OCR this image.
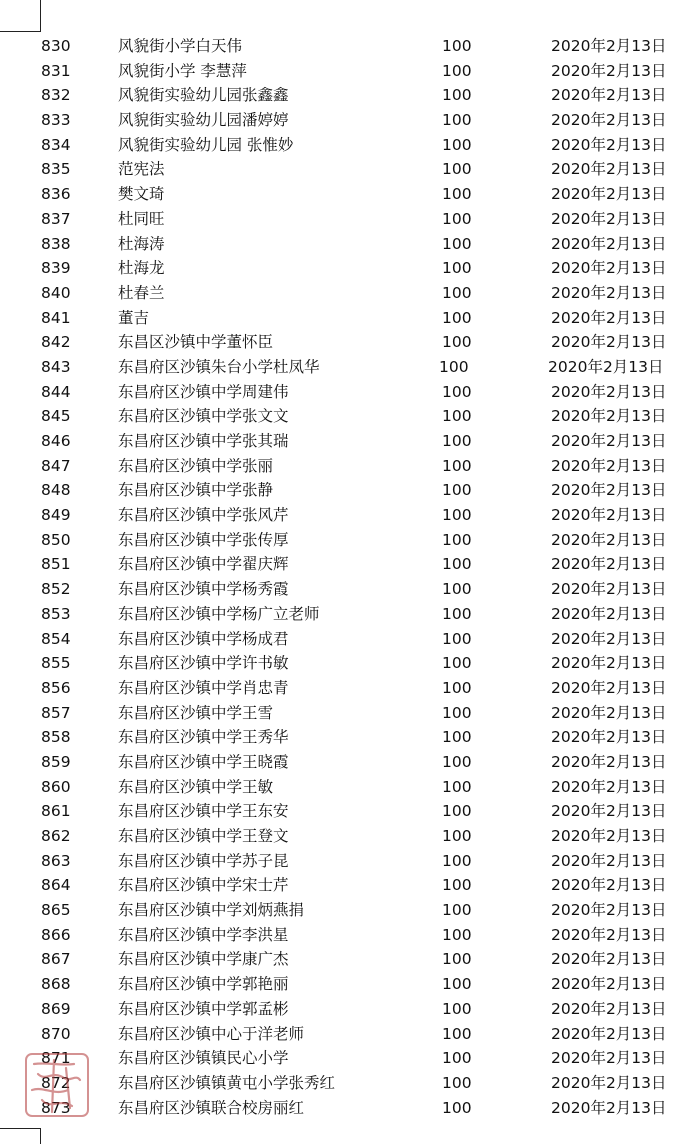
830	风貌街小学白天伟	100	2020年2月13日
831	风貌街小学 李慧萍	100	2020年2月13日
832	风貌街实验幼儿园张鑫鑫	100	2020年2月13日
833	风貌街实验幼儿园潘婷婷	100	2020年2月13日
834	风貌街实验幼儿园 张惟妙	100	2020年2月13日
835	范宪法	100	2020年2月13日
836	樊文琦	100	2020年2月13日
837	杜同旺	100	2020年2月13日
838	杜海涛	100	2020年2月13日
839	杜海龙	100	2020年2月13日
840	杜春兰	100	2020年2月13日
841	董吉	100	2020年2月13日
842	东昌区沙镇中学董怀臣	100	2020年2月13日
843	东昌府区沙镇朱台小学杜凤华	100	2020年2月13日
844	东昌府区沙镇中学周建伟	100	2020年2月13日
845	东昌府区沙镇中学张文文	100	2020年2月13日
846	东昌府区沙镇中学张其瑞	100	2020年2月13日
847	东昌府区沙镇中学张丽	100	2020年2月13日
848	东昌府区沙镇中学张静	100	2020年2月13日
849	东昌府区沙镇中学张风芹	100	2020年2月13日
850	东昌府区沙镇中学张传厚	100	2020年2月13日
851	东昌府区沙镇中学翟庆辉	100	2020年2月13日
852	东昌府区沙镇中学杨秀霞	100	2020年2月13日
853	东昌府区沙镇中学杨广立老师	100	2020年2月13日
854	东昌府区沙镇中学杨成君	100	2020年2月13日
855	东昌府区沙镇中学许书敏	100	2020年2月13日
856	东昌府区沙镇中学肖忠青	100	2020年2月13日
857	东昌府区沙镇中学王雪	100	2020年2月13日
858	东昌府区沙镇中学王秀华	100	2020年2月13日
859	东昌府区沙镇中学王晓霞	100	2020年2月13日
860	东昌府区沙镇中学王敏	100	2020年2月13日
861	东昌府区沙镇中学王东安	100	2020年2月13日
862	东昌府区沙镇中学王登文	100	2020年2月13日
863	东昌府区沙镇中学苏子昆	100	2020年2月13日
864	东昌府区沙镇中学宋士芹	100	2020年2月13日
865	东昌府区沙镇中学刘炳燕捐	100	2020年2月13日
866	东昌府区沙镇中学李洪星	100	2020年2月13日
867	东昌府区沙镇中学康广杰	100	2020年2月13日
868	东昌府区沙镇中学郭艳丽	100	2020年2月13日
869	东昌府区沙镇中学郭孟彬	100	2020年2月13日
870	东昌府区沙镇中心于洋老师	100	2020年2月13日
871	东昌府区沙镇镇民心小学	100	2020年2月13日
872	东昌府区沙镇镇黄屯小学张秀红	100	2020年2月13日
873	东昌府区沙镇联合校房丽红	100	2020年2月13日
